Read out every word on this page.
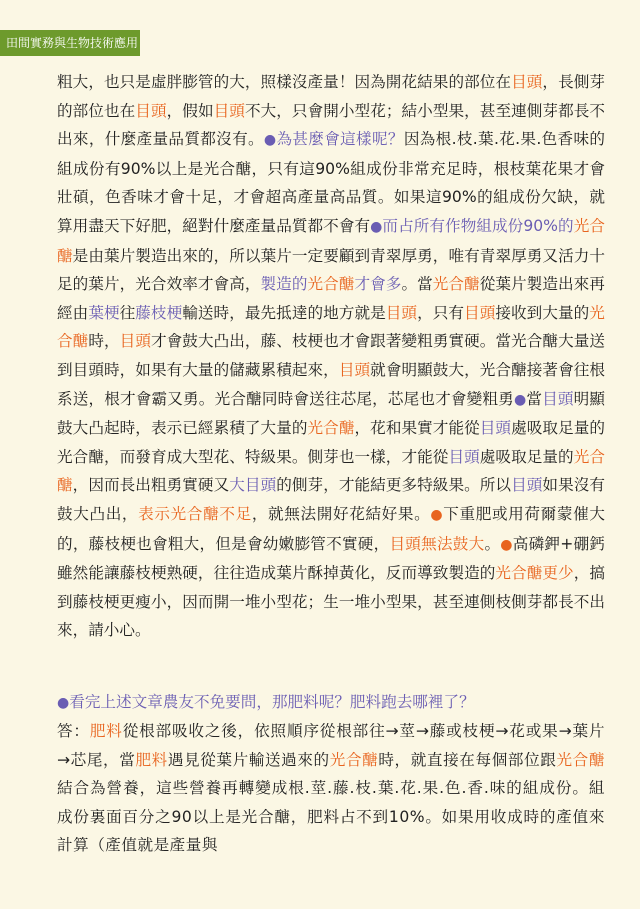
田間實務與生物技術應用

粗大，也只是虛胖膨管的大，照樣沒產量！因為開花結果的部位在目頭，長側芽的部位也在目頭，假如目頭不大，只會開小型花；結小型果，甚至連側芽都長不出來，什麼產量品質都沒有。●為甚麼會這樣呢？因為根.枝.葉.花.果.色香味的組成份有90%以上是光合醣，只有這90%組成份非常充足時，根枝葉花果才會壯碩，色香味才會十足，才會超高產量高品質。如果這90%的組成份欠缺，就算用盡天下好肥，絕對什麼產量品質都不會有●而占所有作物組成份90%的光合醣是由葉片製造出來的，所以葉片一定要顧到青翠厚勇，唯有青翠厚勇又活力十足的葉片，光合效率才會高，製造的光合醣才會多。當光合醣從葉片製造出來再經由葉梗往藤枝梗輸送時，最先抵達的地方就是目頭，只有目頭接收到大量的光合醣時，目頭才會鼓大凸出，藤、枝梗也才會跟著變粗勇實硬。當光合醣大量送到目頭時，如果有大量的儲藏累積起來，目頭就會明顯鼓大，光合醣接著會往根系送，根才會霸又勇。光合醣同時會送往芯尾，芯尾也才會變粗勇●當目頭明顯鼓大凸起時，表示已經累積了大量的光合醣，花和果實才能從目頭處吸取足量的光合醣，而發育成大型花、特級果。側芽也一樣，才能從目頭處吸取足量的光合醣，因而長出粗勇實硬又大目頭的側芽，才能結更多特級果。所以目頭如果沒有鼓大凸出，表示光合醣不足，就無法開好花結好果。●下重肥或用荷爾蒙催大的，藤枝梗也會粗大，但是會幼嫩膨管不實硬，目頭無法鼓大。●高磷鉀+硼鈣雖然能讓藤枝梗熟硬，往往造成葉片酥掉黃化，反而導致製造的光合醣更少，搞到藤枝梗更瘦小，因而開一堆小型花；生一堆小型果，甚至連側枝側芽都長不出來，請小心。

●看完上述文章農友不免要問，那肥料呢？肥料跑去哪裡了？

答：肥料從根部吸收之後，依照順序從根部往→莖→藤或枝梗→花或果→葉片→芯尾，當肥料遇見從葉片輸送過來的光合醣時，就直接在每個部位跟光合醣結合為營養，這些營養再轉變成根.莖.藤.枝.葉.花.果.色.香.味的組成份。組成份裏面百分之90以上是光合醣，肥料占不到10%。如果用收成時的產值來計算（產值就是產量與
